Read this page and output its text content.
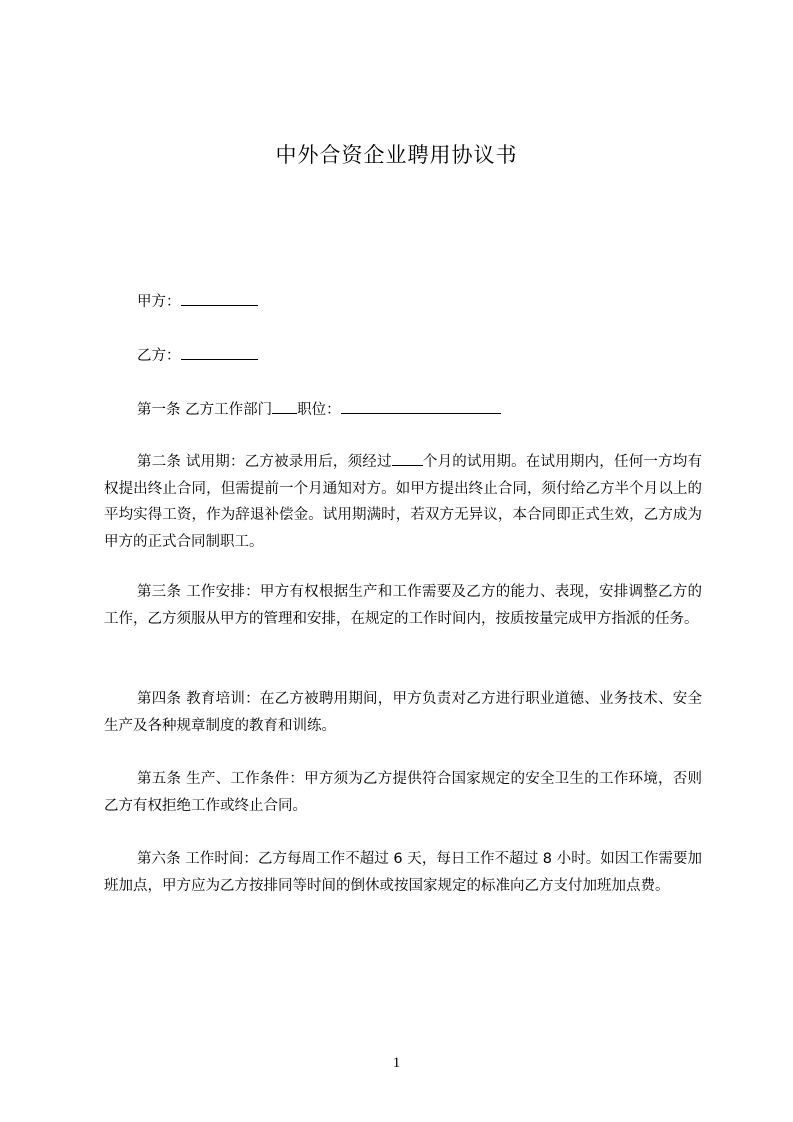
中外合资企业聘用协议书
甲方：
乙方：
第一条 乙方工作部门 职位：
第二条 试用期：乙方被录用后，须经过 个月的试用期。在试用期内，任何一方均有权提出终止合同，但需提前一个月通知对方。如甲方提出终止合同，须付给乙方半个月以上的平均实得工资，作为辞退补偿金。试用期满时，若双方无异议，本合同即正式生效，乙方成为甲方的正式合同制职工。
第三条 工作安排：甲方有权根据生产和工作需要及乙方的能力、表现，安排调整乙方的工作，乙方须服从甲方的管理和安排，在规定的工作时间内，按质按量完成甲方指派的任务。
第四条 教育培训：在乙方被聘用期间，甲方负责对乙方进行职业道德、业务技术、安全生产及各种规章制度的教育和训练。
第五条 生产、工作条件：甲方须为乙方提供符合国家规定的安全卫生的工作环境，否则乙方有权拒绝工作或终止合同。
第六条 工作时间：乙方每周工作不超过 6 天，每日工作不超过 8 小时。如因工作需要加班加点，甲方应为乙方按排同等时间的倒休或按国家规定的标准向乙方支付加班加点费。
1
